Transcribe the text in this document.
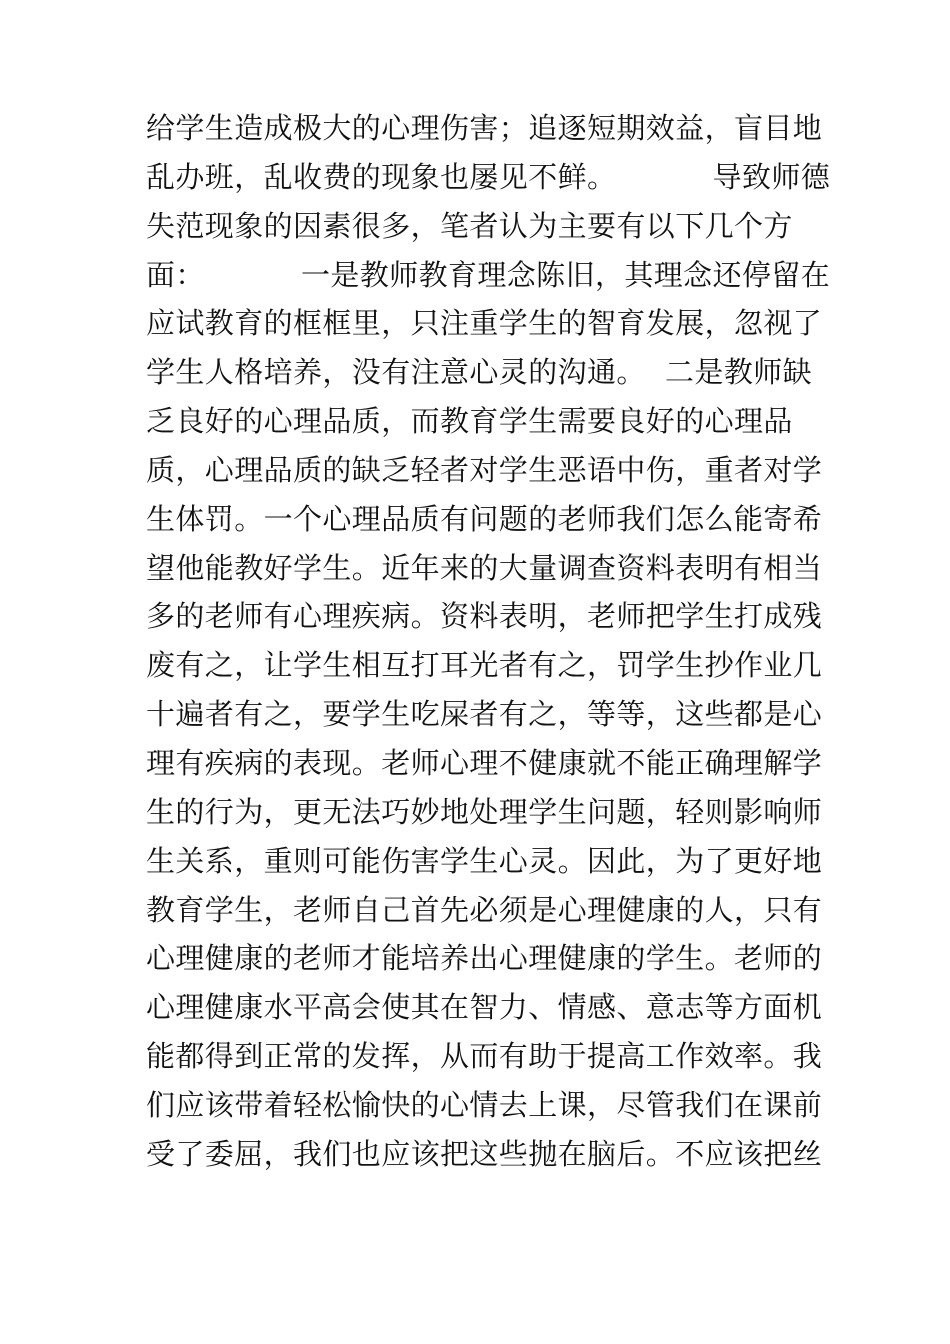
给学生造成极大的心理伤害；追逐短期效益，盲目地
乱办班，乱收费的现象也屡见不鲜。          导致师德
失范现象的因素很多，笔者认为主要有以下几个方
面：          一是教师教育理念陈旧，其理念还停留在
应试教育的框框里，只注重学生的智育发展，忽视了
学生人格培养，没有注意心灵的沟通。  二是教师缺
乏良好的心理品质，而教育学生需要良好的心理品
质，心理品质的缺乏轻者对学生恶语中伤，重者对学
生体罚。一个心理品质有问题的老师我们怎么能寄希
望他能教好学生。近年来的大量调查资料表明有相当
多的老师有心理疾病。资料表明，老师把学生打成残
废有之，让学生相互打耳光者有之，罚学生抄作业几
十遍者有之，要学生吃屎者有之，等等，这些都是心
理有疾病的表现。老师心理不健康就不能正确理解学
生的行为，更无法巧妙地处理学生问题，轻则影响师
生关系，重则可能伤害学生心灵。因此，为了更好地
教育学生，老师自己首先必须是心理健康的人，只有
心理健康的老师才能培养出心理健康的学生。老师的
心理健康水平高会使其在智力、情感、意志等方面机
能都得到正常的发挥，从而有助于提高工作效率。我
们应该带着轻松愉快的心情去上课，尽管我们在课前
受了委屈，我们也应该把这些抛在脑后。不应该把丝
